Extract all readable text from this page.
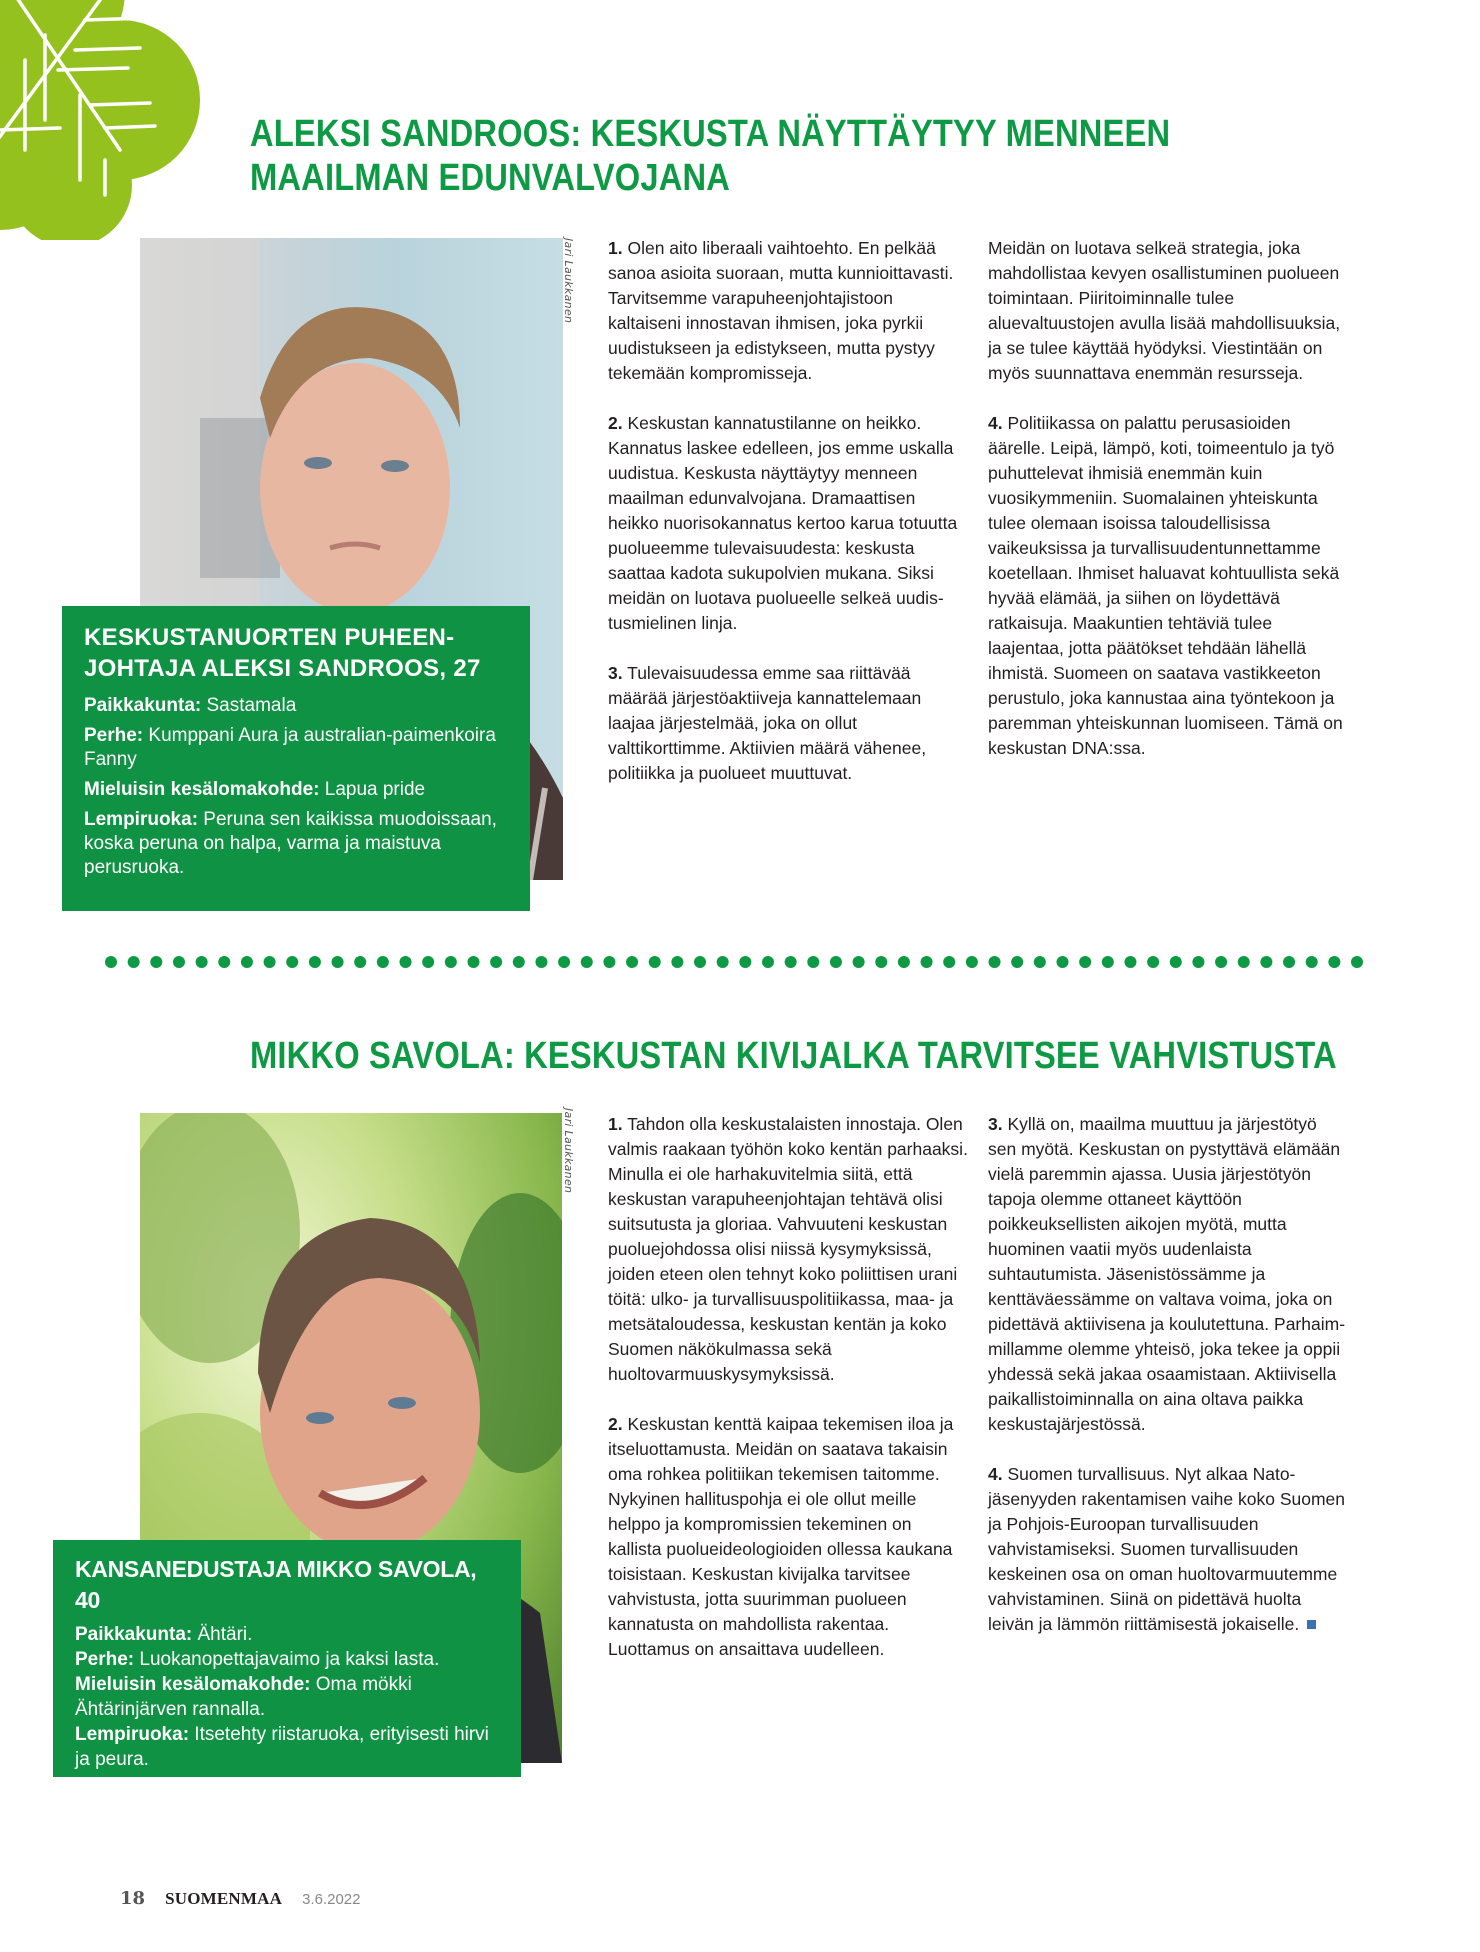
ALEKSI SANDROOS: KESKUSTA NÄYTTÄYTYY MENNEEN
MAAILMAN EDUNVALVOJANA
Jari Laukkanen
KESKUSTANUORTEN PUHEEN-
JOHTAJA ALEKSI SANDROOS, 27
Paikkakunta: Sastamala
Perhe: Kumppani Aura ja australian-paimenkoira Fanny
Mieluisin kesälomakohde: Lapua pride
Lempiruoka: Peruna sen kaikissa muodoissaan, koska peruna on halpa, varma ja maistuva perusruoka.

1. Olen aito liberaali vaihtoehto. En pelkää sanoa asioita suoraan, mutta kunnioittavasti. Tarvitsemme varapuheenjohtajistoon kaltaiseni innostavan ihmisen, joka pyrkii uudistukseen ja edistykseen, mutta pystyy tekemään kompromisseja.

2. Keskustan kannatustilanne on heikko. Kannatus laskee edelleen, jos emme uskalla uudistua. Keskusta näyttäytyy menneen maailman edunvalvojana. Dramaattisen heikko nuorisokannatus kertoo karua totuutta puolueemme tulevaisuudesta: keskusta saattaa kadota sukupolvien mukana. Siksi meidän on luotava puolueelle selkeä uudistusmielinen linja.

3. Tulevaisuudessa emme saa riittävää määrää järjestöaktiiveja kannattelemaan laajaa järjestelmää, joka on ollut valttikorttimme. Aktiivien määrä vähenee, politiikka ja puolueet muuttuvat.

Meidän on luotava selkeä strategia, joka mahdollistaa kevyen osallistuminen puolueen toimintaan. Piiritoiminnalle tulee aluevaltuustojen avulla lisää mahdollisuuksia, ja se tulee käyttää hyödyksi. Viestintään on myös suunnattava enemmän resursseja.

4. Politiikassa on palattu perusasioiden äärelle. Leipä, lämpö, koti, toimeentulo ja työ puhuttelevat ihmisiä enemmän kuin vuosikymmeniin. Suomalainen yhteiskunta tulee olemaan isoissa taloudellisissa vaikeuksissa ja turvallisuudentunnettamme koetellaan. Ihmiset haluavat kohtuullista sekä hyvää elämää, ja siihen on löydettävä ratkaisuja. Maakuntien tehtäviä tulee laajentaa, jotta päätökset tehdään lähellä ihmistä. Suomeen on saatava vastikkeeton perustulo, joka kannustaa aina työntekoon ja paremman yhteiskunnan luomiseen. Tämä on keskustan DNA:ssa.

MIKKO SAVOLA: KESKUSTAN KIVIJALKA TARVITSEE VAHVISTUSTA
Jari Laukkanen
KANSANEDUSTAJA MIKKO SAVOLA, 40
Paikkakunta: Ähtäri.
Perhe: Luokanopettajavaimo ja kaksi lasta.
Mieluisin kesälomakohde: Oma mökki Ähtärinjärven rannalla.
Lempiruoka: Itsetehty riistaruoka, erityisesti hirvi ja peura.

1. Tahdon olla keskustalaisten innostaja. Olen valmis raakaan työhön koko kentän parhaaksi. Minulla ei ole harhakuvitelmia siitä, että keskustan varapuheenjohtajan tehtävä olisi suitsutusta ja gloriaa. Vahvuuteni keskustan puoluejohdossa olisi niissä kysymyksissä, joiden eteen olen tehnyt koko poliittisen urani töitä: ulko- ja turvallisuuspolitiikassa, maa- ja metsätaloudessa, keskustan kentän ja koko Suomen näkökulmassa sekä huoltovarmuuskysymyksissä.

2. Keskustan kenttä kaipaa tekemisen iloa ja itseluottamusta. Meidän on saatava takaisin oma rohkea politiikan tekemisen taitomme. Nykyinen hallituspohja ei ole ollut meille helppo ja kompromissien tekeminen on kallista puolueideologioiden ollessa kaukana toisistaan. Keskustan kivijalka tarvitsee vahvistusta, jotta suurimman puolueen kannatusta on mahdollista rakentaa. Luottamus on ansaittava uudelleen.

3. Kyllä on, maailma muuttuu ja järjestötyö sen myötä. Keskustan on pystyttävä elämään vielä paremmin ajassa. Uusia järjestötyön tapoja olemme ottaneet käyttöön poikkeuksellisten aikojen myötä, mutta huominen vaatii myös uudenlaista suhtautumista. Jäsenistössämme ja kenttäväessämme on valtava voima, joka on pidettävä aktiivisena ja koulutettuna. Parhaimmillamme olemme yhteisö, joka tekee ja oppii yhdessä sekä jakaa osaamistaan. Aktiivisella paikallistoiminnalla on aina oltava paikka keskustajärjestössä.

4. Suomen turvallisuus. Nyt alkaa Nato-jäsenyyden rakentamisen vaihe koko Suomen ja Pohjois-Euroopan turvallisuuden vahvistamiseksi. Suomen turvallisuuden keskeinen osa on oman huoltovarmuutemme vahvistaminen. Siinä on pidettävä huolta leivän ja lämmön riittämisestä jokaiselle.

18 SUOMENMAA 3.6.2022
